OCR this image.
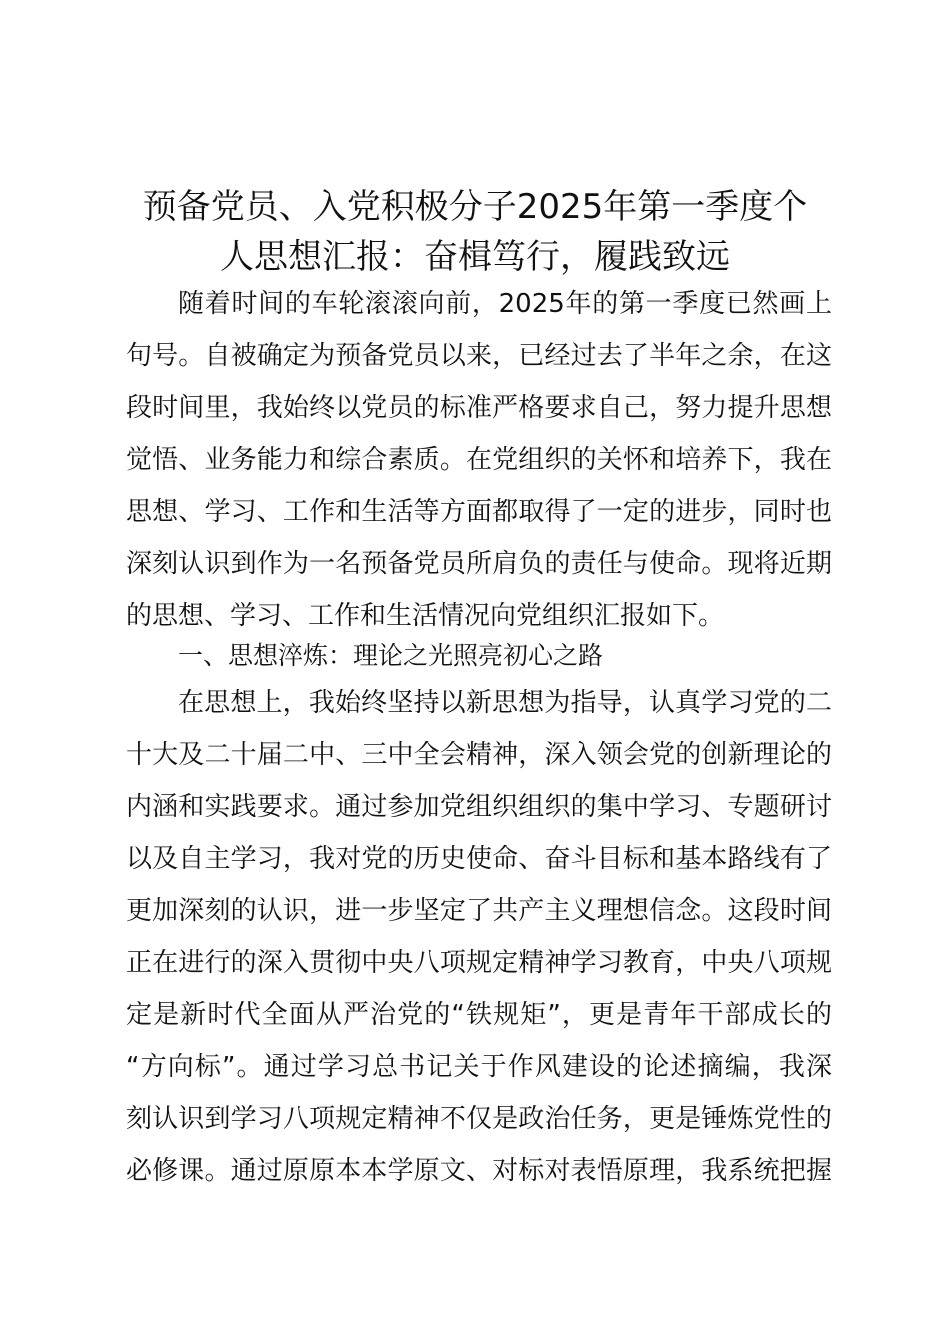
预备党员、入党积极分子2025年第一季度个
人思想汇报：奋楫笃行，履践致远
随着时间的车轮滚滚向前，2025年的第一季度已然画上
句号。自被确定为预备党员以来，已经过去了半年之余，在这
段时间里，我始终以党员的标准严格要求自己，努力提升思想
觉悟、业务能力和综合素质。在党组织的关怀和培养下，我在
思想、学习、工作和生活等方面都取得了一定的进步，同时也
深刻认识到作为一名预备党员所肩负的责任与使命。现将近期
的思想、学习、工作和生活情况向党组织汇报如下。
一、思想淬炼：理论之光照亮初心之路
在思想上，我始终坚持以新思想为指导，认真学习党的二
十大及二十届二中、三中全会精神，深入领会党的创新理论的
内涵和实践要求。通过参加党组织组织的集中学习、专题研讨
以及自主学习，我对党的历史使命、奋斗目标和基本路线有了
更加深刻的认识，进一步坚定了共产主义理想信念。这段时间
正在进行的深入贯彻中央八项规定精神学习教育，中央八项规
定是新时代全面从严治党的“铁规矩”，更是青年干部成长的
“方向标”。通过学习总书记关于作风建设的论述摘编，我深
刻认识到学习八项规定精神不仅是政治任务，更是锤炼党性的
必修课。通过原原本本学原文、对标对表悟原理，我系统把握
